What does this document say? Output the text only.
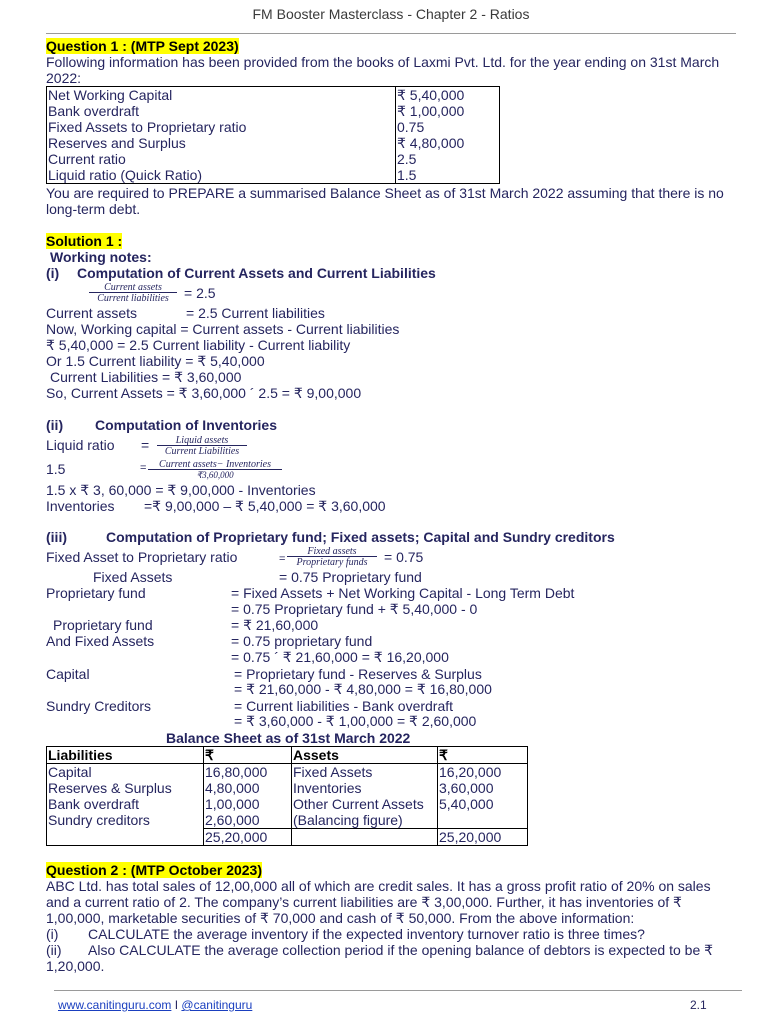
FM Booster Masterclass - Chapter 2 - Ratios
Question 1 : (MTP Sept 2023)
Following information has been provided from the books of Laxmi Pvt. Ltd. for the year ending on 31st March
2022:
Net Working Capital	₹ 5,40,000
Bank overdraft	₹ 1,00,000
Fixed Assets to Proprietary ratio	0.75
Reserves and Surplus	₹ 4,80,000
Current ratio	2.5
Liquid ratio (Quick Ratio)	1.5
You are required to PREPARE a summarised Balance Sheet as of 31st March 2022 assuming that there is no
long-term debt.
Solution 1 :
Working notes:
(i) Computation of Current Assets and Current Liabilities
Current assets
Current liabilities	= 2.5
Current assets	= 2.5 Current liabilities
Now, Working capital = Current assets - Current liabilities
₹ 5,40,000 = 2.5 Current liability - Current liability
Or 1.5 Current liability = ₹ 5,40,000
Current Liabilities = ₹ 3,60,000
So, Current Assets = ₹ 3,60,000 ´ 2.5 = ₹ 9,00,000
(ii) Computation of Inventories
Liquid ratio =	Liquid assets
Current Liabilities
1.5	=	Current assets− Inventories
₹3,60,000
1.5 x ₹ 3, 60,000 = ₹ 9,00,000 - Inventories
Inventories =₹ 9,00,000 – ₹ 5,40,000 = ₹ 3,60,000
(iii)	Computation of Proprietary fund; Fixed assets; Capital and Sundry creditors
Fixed Asset to Proprietary ratio	=
Fixed assets
Proprietary funds	= 0.75
Fixed Assets	= 0.75 Proprietary fund
Proprietary fund	= Fixed Assets + Net Working Capital - Long Term Debt
= 0.75 Proprietary fund + ₹ 5,40,000 - 0
Proprietary fund	= ₹ 21,60,000
And Fixed Assets	= 0.75 proprietary fund
= 0.75 ´ ₹ 21,60,000 = ₹ 16,20,000
Capital	= Proprietary fund - Reserves & Surplus
= ₹ 21,60,000 - ₹ 4,80,000 = ₹ 16,80,000
Sundry Creditors	= Current liabilities - Bank overdraft
= ₹ 3,60,000 - ₹ 1,00,000 = ₹ 2,60,000
Balance Sheet as of 31st March 2022
Liabilities	₹	Assets	₹
Capital	16,80,000	Fixed Assets	16,20,000
Reserves & Surplus	4,80,000	Inventories	3,60,000
Bank overdraft	1,00,000	Other Current Assets	5,40,000
Sundry creditors	2,60,000	(Balancing figure)	
	25,20,000		25,20,000
Question 2 : (MTP October 2023)
ABC Ltd. has total sales of 12,00,000 all of which are credit sales. It has a gross profit ratio of 20% on sales
and a current ratio of 2. The company’s current liabilities are ₹ 3,00,000. Further, it has inventories of ₹
1,00,000, marketable securities of ₹ 70,000 and cash of ₹ 50,000. From the above information:
(i) CALCULATE the average inventory if the expected inventory turnover ratio is three times?
(ii) Also CALCULATE the average collection period if the opening balance of debtors is expected to be ₹
1,20,000.
www.canitinguru.com I @canitinguru	2.1
